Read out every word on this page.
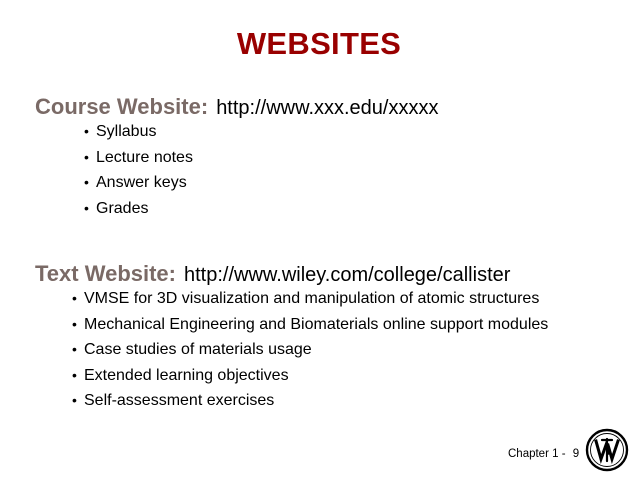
WEBSITES
Course Website: http://www.xxx.edu/xxxxx
• Syllabus
• Lecture notes
• Answer keys
• Grades
Text Website: http://www.wiley.com/college/callister
• VMSE for 3D visualization and manipulation of atomic structures
• Mechanical Engineering and Biomaterials online support modules
• Case studies of materials usage
• Extended learning objectives
• Self-assessment exercises
Chapter 1 - 9
